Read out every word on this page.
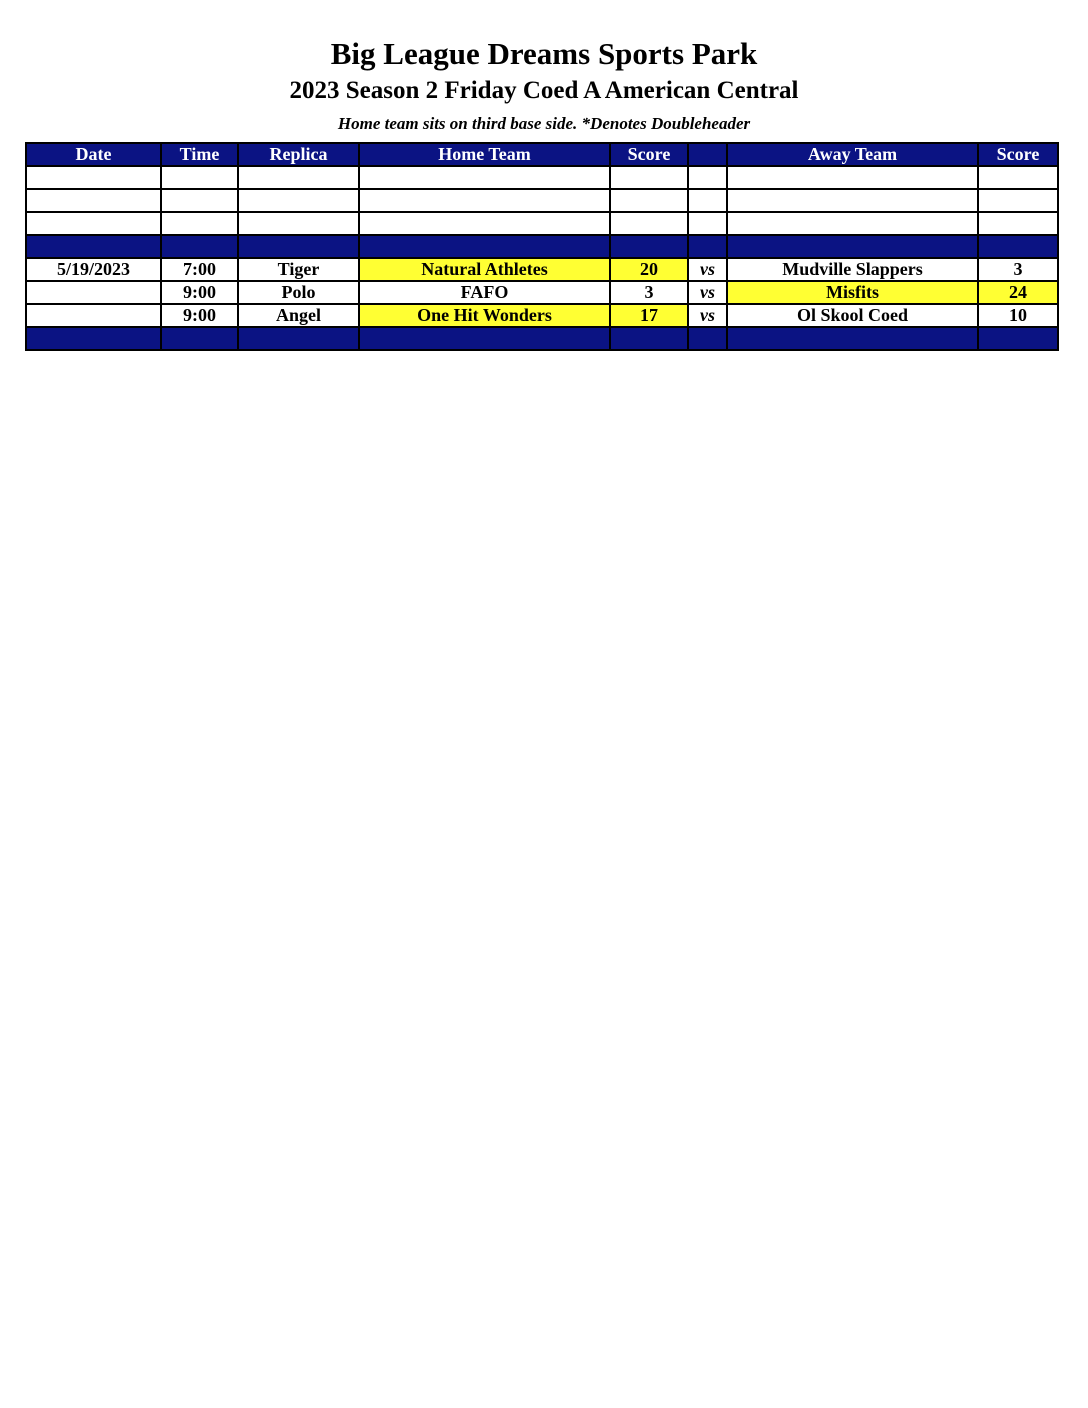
Big League Dreams Sports Park
2023 Season 2 Friday Coed A American Central
Home team sits on third base side. *Denotes Doubleheader
Date	Time	Replica	Home Team	Score		Away Team	Score

5/19/2023	7:00	Tiger	Natural Athletes	20	vs	Mudville Slappers	3
	9:00	Polo	FAFO	3	vs	Misfits	24
	9:00	Angel	One Hit Wonders	17	vs	Ol Skool Coed	10
